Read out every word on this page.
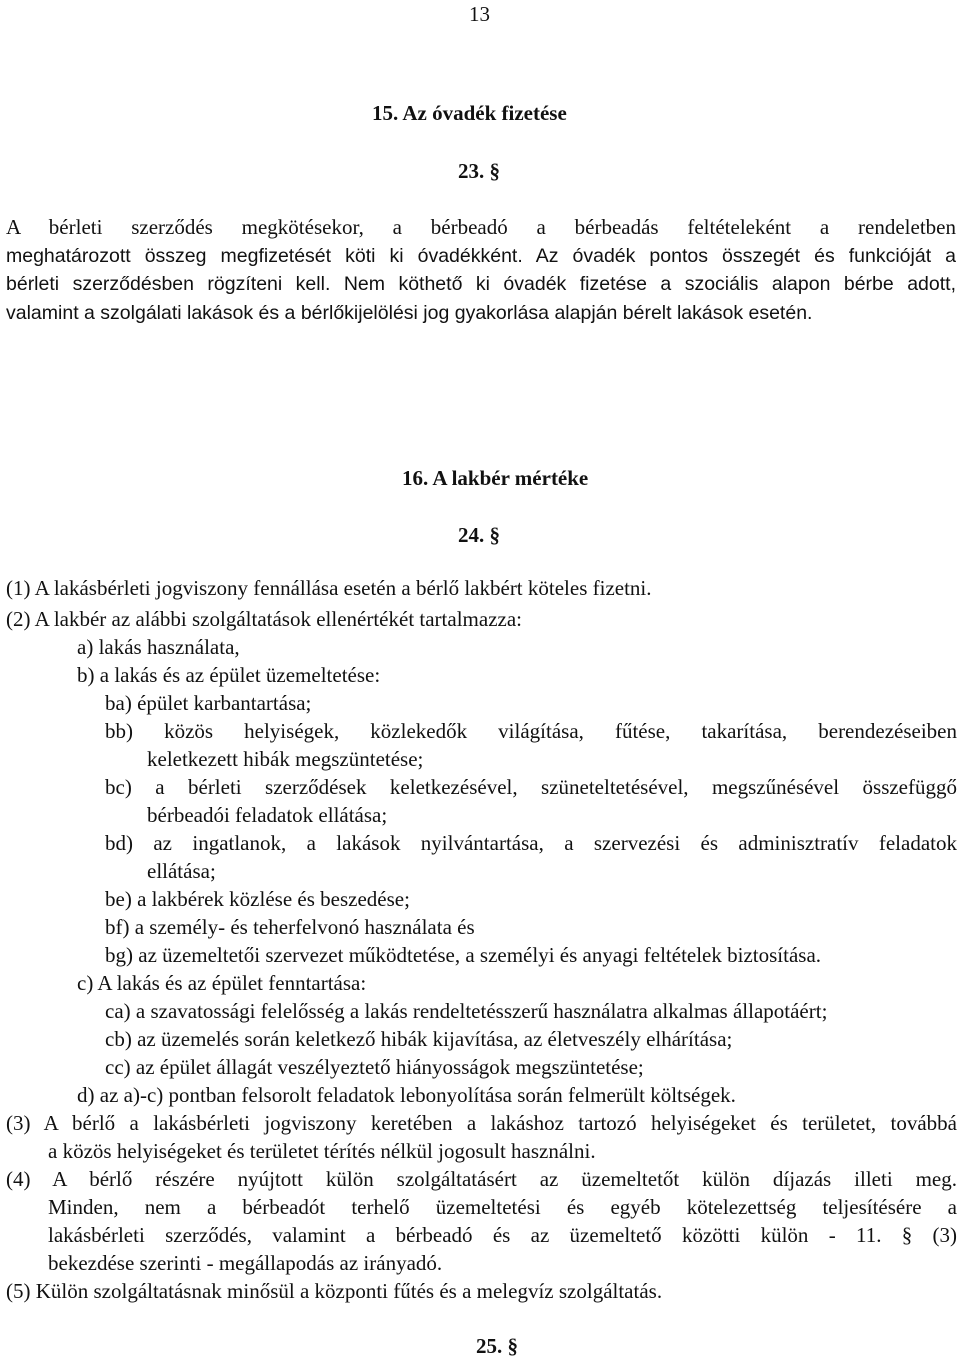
13
15. Az óvadék fizetése
23. §
A bérleti szerződés megkötésekor, a bérbeadó a bérbeadás feltételeként a rendeletben
meghatározott összeg megfizetését köti ki óvadékként. Az óvadék pontos összegét és funkcióját a
bérleti szerződésben rögzíteni kell. Nem köthető ki óvadék fizetése a szociális alapon bérbe adott,
valamint a szolgálati lakások és a bérlőkijelölési jog gyakorlása alapján bérelt lakások esetén.
16. A lakbér mértéke
24. §
(1) A lakásbérleti jogviszony fennállása esetén a bérlő lakbért köteles fizetni.
(2) A lakbér az alábbi szolgáltatások ellenértékét tartalmazza:
a) lakás használata,
b) a lakás és az épület üzemeltetése:
ba) épület karbantartása;
bb) közös helyiségek, közlekedők világítása, fűtése, takarítása, berendezéseiben
keletkezett hibák megszüntetése;
bc) a bérleti szerződések keletkezésével, szüneteltetésével, megszűnésével összefüggő
bérbeadói feladatok ellátása;
bd) az ingatlanok, a lakások nyilvántartása, a szervezési és adminisztratív feladatok
ellátása;
be) a lakbérek közlése és beszedése;
bf) a személy- és teherfelvonó használata és
bg) az üzemeltetői szervezet működtetése, a személyi és anyagi feltételek biztosítása.
c) A lakás és az épület fenntartása:
ca) a szavatossági felelősség a lakás rendeltetésszerű használatra alkalmas állapotáért;
cb) az üzemelés során keletkező hibák kijavítása, az életveszély elhárítása;
cc) az épület állagát veszélyeztető hiányosságok megszüntetése;
d) az a)-c) pontban felsorolt feladatok lebonyolítása során felmerült költségek.
(3) A bérlő a lakásbérleti jogviszony keretében a lakáshoz tartozó helyiségeket és területet, továbbá
a közös helyiségeket és területet térítés nélkül jogosult használni.
(4) A bérlő részére nyújtott külön szolgáltatásért az üzemeltetőt külön díjazás illeti meg.
Minden, nem a bérbeadót terhelő üzemeltetési és egyéb kötelezettség teljesítésére a
lakásbérleti szerződés, valamint a bérbeadó és az üzemeltető közötti külön - 11. § (3)
bekezdése szerinti - megállapodás az irányadó.
(5) Külön szolgáltatásnak minősül a központi fűtés és a melegvíz szolgáltatás.
25. §
